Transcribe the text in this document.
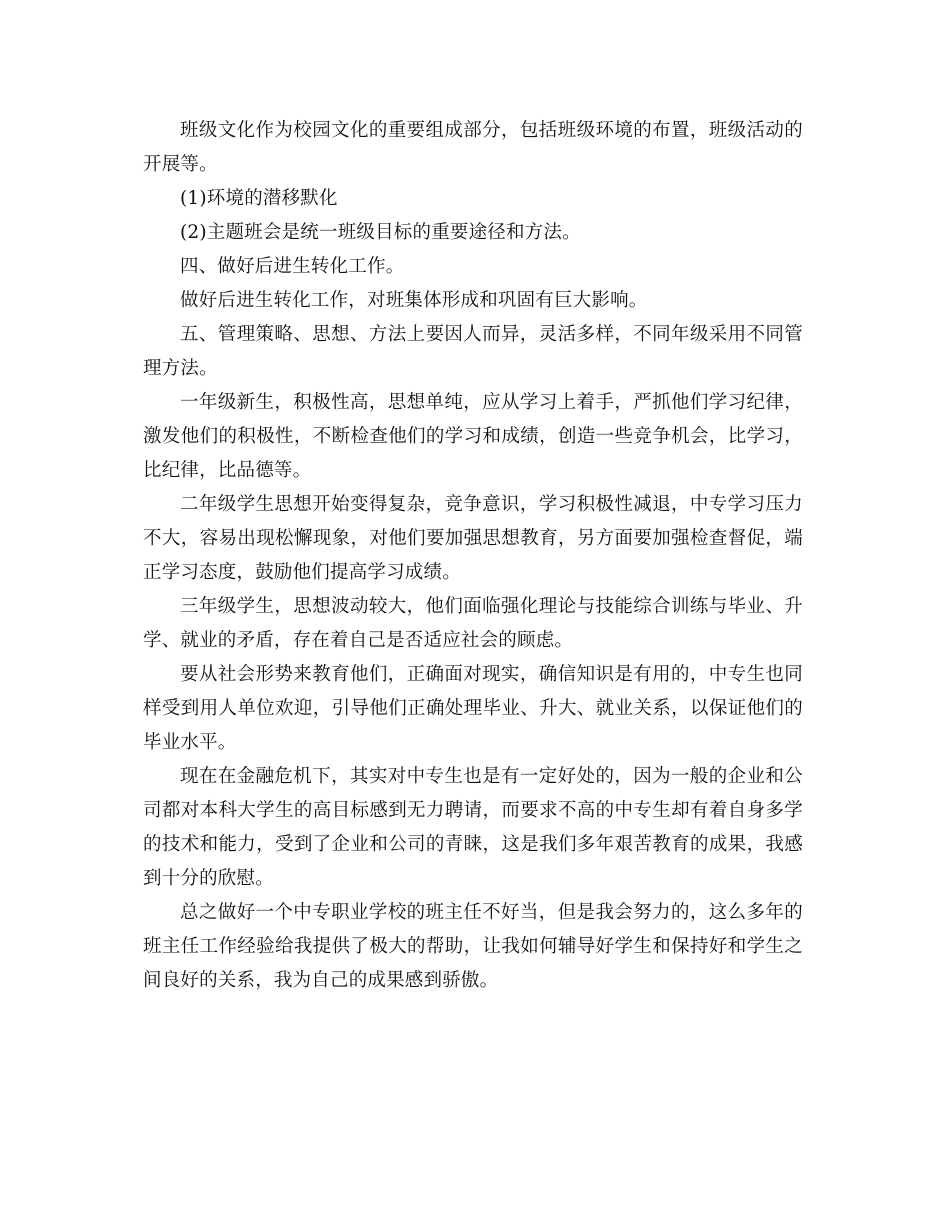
班级文化作为校园文化的重要组成部分，包括班级环境的布置，班级活动的开展等。

(1)环境的潜移默化

(2)主题班会是统一班级目标的重要途径和方法。

四、做好后进生转化工作。

做好后进生转化工作，对班集体形成和巩固有巨大影响。

五、管理策略、思想、方法上要因人而异，灵活多样，不同年级采用不同管理方法。

一年级新生，积极性高，思想单纯，应从学习上着手，严抓他们学习纪律，激发他们的积极性，不断检查他们的学习和成绩，创造一些竞争机会，比学习，比纪律，比品德等。

二年级学生思想开始变得复杂，竞争意识，学习积极性减退，中专学习压力不大，容易出现松懈现象，对他们要加强思想教育，另方面要加强检查督促，端正学习态度，鼓励他们提高学习成绩。

三年级学生，思想波动较大，他们面临强化理论与技能综合训练与毕业、升学、就业的矛盾，存在着自己是否适应社会的顾虑。

要从社会形势来教育他们，正确面对现实，确信知识是有用的，中专生也同样受到用人单位欢迎，引导他们正确处理毕业、升大、就业关系，以保证他们的毕业水平。

现在在金融危机下，其实对中专生也是有一定好处的，因为一般的企业和公司都对本科大学生的高目标感到无力聘请，而要求不高的中专生却有着自身多学的技术和能力，受到了企业和公司的青睐，这是我们多年艰苦教育的成果，我感到十分的欣慰。

总之做好一个中专职业学校的班主任不好当，但是我会努力的，这么多年的班主任工作经验给我提供了极大的帮助，让我如何辅导好学生和保持好和学生之间良好的关系，我为自己的成果感到骄傲。
